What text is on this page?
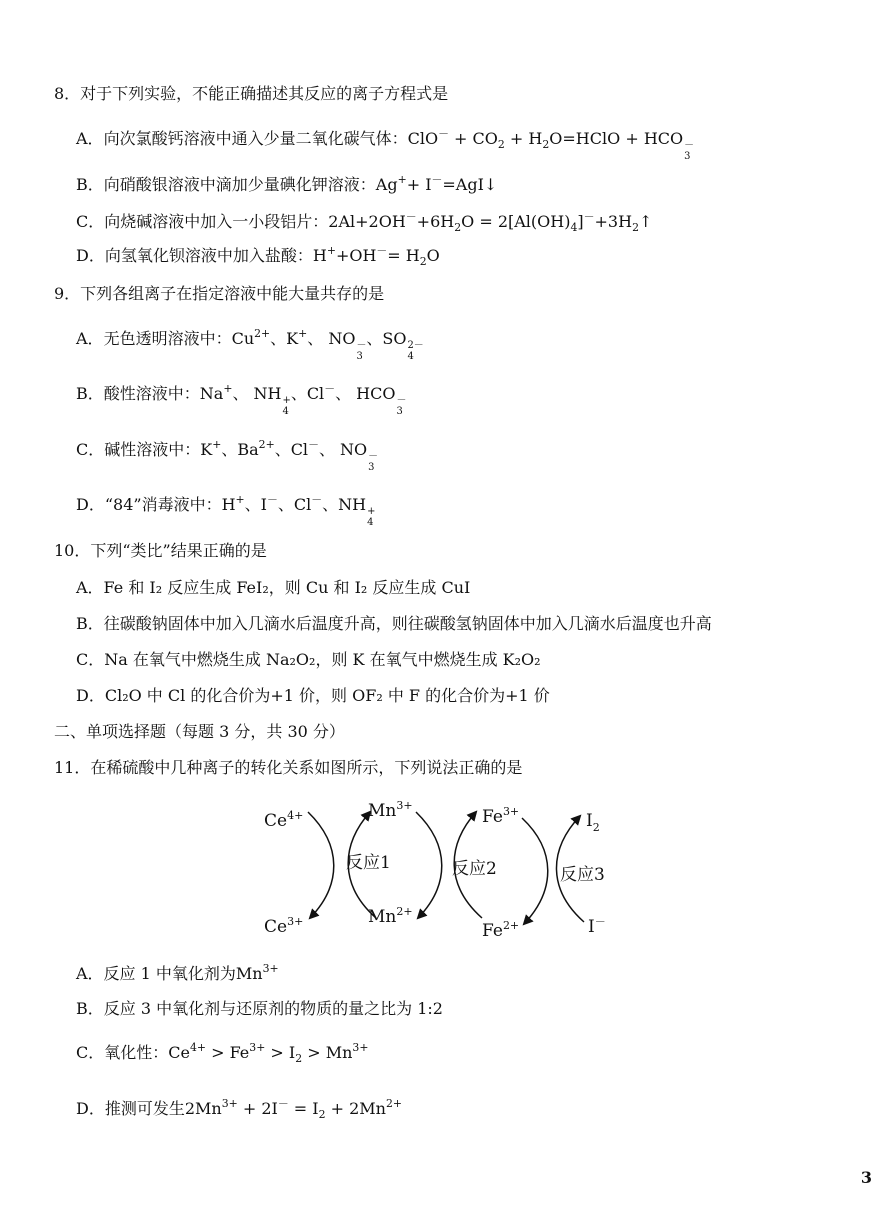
8．对于下列实验，不能正确描述其反应的离子方程式是
A．向次氯酸钙溶液中通入少量二氧化碳气体：$ClO^- + CO_2$ + $H_2O=HClO$ + HCO －
3
B．向硝酸银溶液中滴加少量碘化钾溶液：Ag++ I－=AgI↓
C．向烧碱溶液中加入一小段铝片：$2Al+2OH^-+6H_2O$ = $2[Al(OH)_4]^-+3H_2↑$
D．向氢氧化钡溶液中加入盐酸：$H^++OH^-= H_2O$
9．下列各组离子在指定溶液中能大量共存的是
A．无色透明溶液中：$Cu^{2+}$、K+、 NO －
3
、SO 2－
4
B．酸性溶液中：Na+、 NH +
4
、Cl－、 HCO －
3
C．碱性溶液中：K+、$Ba^{2+}$、Cl－、 NO －
3
D．“84”消毒液中：H+、I－、Cl－、NH +
4
10．下列“类比”结果正确的是
A．Fe 和 I₂ 反应生成 FeI₂，则 Cu 和 I₂ 反应生成 CuI
B．往碳酸钠固体中加入几滴水后温度升高，则往碳酸氢钠固体中加入几滴水后温度也升高
C．Na 在氧气中燃烧生成 Na₂O₂，则 K 在氧气中燃烧生成 K₂O₂
D．Cl₂O 中 Cl 的化合价为+1 价，则 OF₂ 中 F 的化合价为+1 价
二、单项选择题（每题 3 分，共 30 分）
11．在稀硫酸中几种离子的转化关系如图所示，下列说法正确的是
$Ce^{4+}$
$Ce^{3+}$
$Mn^{3+}$
$Mn^{2+}$
反应1
$Fe^{3+}$
$Fe^{2+}$
反应2
$I_2$
I－
反应3
A．反应 1 中氧化剂为$Mn^{3+}$
B．反应 3 中氧化剂与还原剂的物质的量之比为 1:2
C．氧化性：$Ce^{4+} > Fe^{3+} > I_2 > Mn^{3+}$
D．推测可发生$2Mn^{3+} + 2I^- = I_2 + 2Mn^{2+}$
3
